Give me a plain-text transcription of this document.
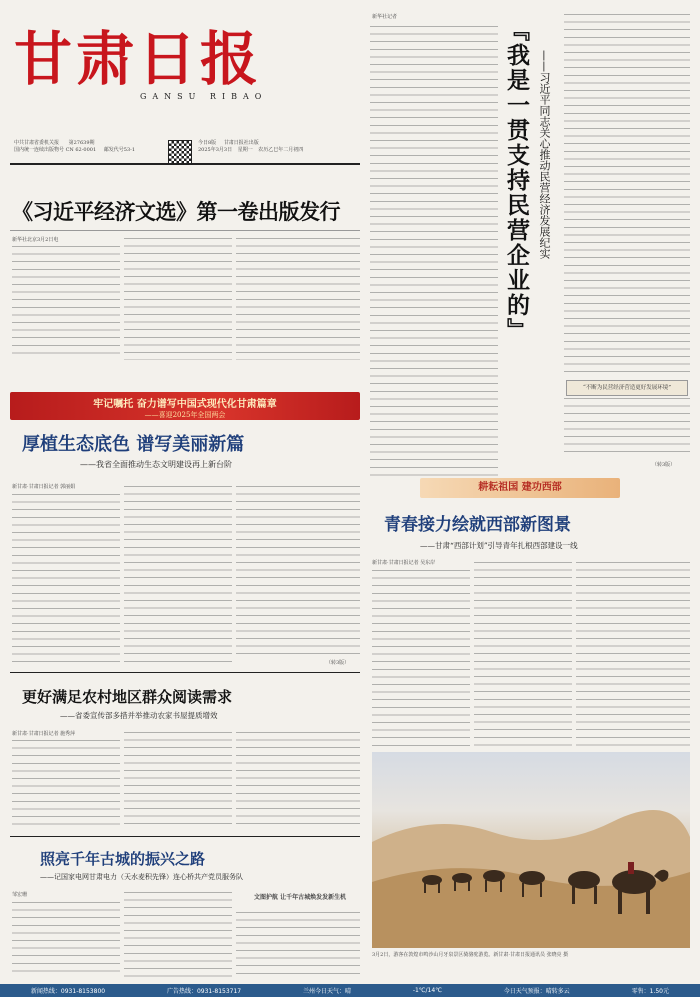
甘肃日报
GANSU RIBAO
中共甘肃省委机关报 第27639期
国内统一连续出版物号 CN 62-0001 邮发代号53-1
今日8版 甘肃日报社出版
2025年3月3日 星期一 农历乙巳年二月初四
新华社记者
『我是一贯支持民营企业的』 ——习近平同志关心推动民营经济发展纪实
“不断为民营经济营造更好发展环境”
（转3版）
《习近平经济文选》第一卷出版发行
新华社北京3月2日电
牢记嘱托 奋力谱写中国式现代化甘肃篇章
——喜迎2025年全国两会
厚植生态底色 谱写美丽新篇
——我省全面推动生态文明建设再上新台阶
新甘肃·甘肃日报记者 郭丽娟
（转3版）
更好满足农村地区群众阅读需求
——省委宣传部多措并举推动农家书屋提质增效
新甘肃·甘肃日报记者 施秀萍
照亮千年古城的振兴之路
——记国家电网甘肃电力（天水麦积先锋）连心桥共产党员服务队
邹宏珊	文图护航 让千年古城焕发发新生机
耕耘祖国 建功西部
青春接力绘就西部新图景
——甘肃“西部计划”引导青年扎根西部建设一线
新甘肃·甘肃日报记者 吴东岸
3月2日，游客在敦煌市鸣沙山月牙泉景区骑骆驼游览。新甘肃·甘肃日报通讯员 张晓亮 摄
新闻热线：0931-8153800	广告热线：0931-8153717	兰州今日天气：晴	-1℃/14℃	今日天气预报：晴转多云	零售：1.50元
